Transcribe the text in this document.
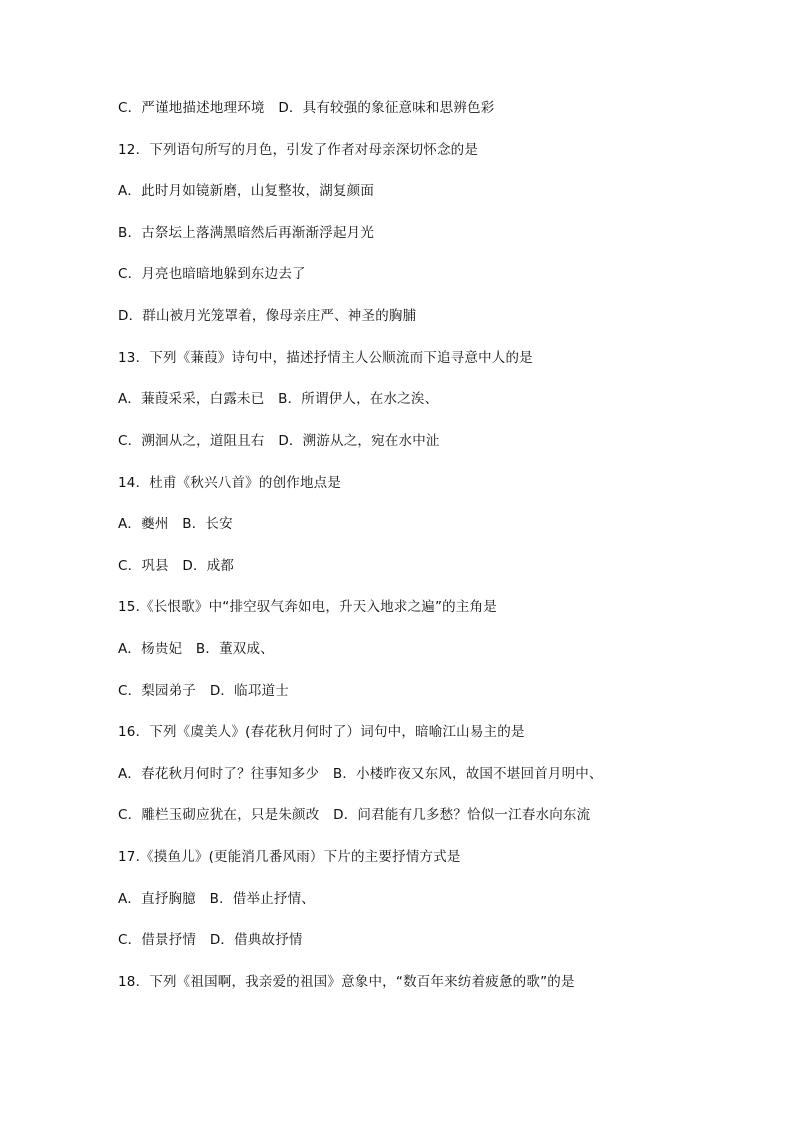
C．严谨地描述地理环境　D．具有较强的象征意味和思辨色彩
12．下列语句所写的月色，引发了作者对母亲深切怀念的是
A．此时月如镜新磨，山复整妆，湖复颜面
B．古祭坛上落满黑暗然后再渐渐浮起月光
C．月亮也暗暗地躲到东边去了
D．群山被月光笼罩着，像母亲庄严、神圣的胸脯
13．下列《蒹葭》诗句中，描述抒情主人公顺流而下追寻意中人的是
A．蒹葭采采，白露未已　B．所谓伊人，在水之涘、
C．溯洄从之，道阻且右　D．溯游从之，宛在水中沚
14．杜甫《秋兴八首》的创作地点是
A．夔州　B．长安
C．巩县　D．成都
15.《长恨歌》中“排空驭气奔如电，升天入地求之遍”的主角是
A．杨贵妃　B．董双成、
C．梨园弟子　D．临邛道士
16．下列《虞美人》(春花秋月何时了）词句中，暗喻江山易主的是
A．春花秋月何时了？往事知多少　B．小楼昨夜又东风，故国不堪回首月明中、
C．雕栏玉砌应犹在，只是朱颜改　D．问君能有几多愁？恰似一江春水向东流
17.《摸鱼儿》(更能消几番风雨）下片的主要抒情方式是
A．直抒胸臆　B．借举止抒情、
C．借景抒情　D．借典故抒情
18．下列《祖国啊，我亲爱的祖国》意象中，“数百年来纺着疲惫的歌”的是
